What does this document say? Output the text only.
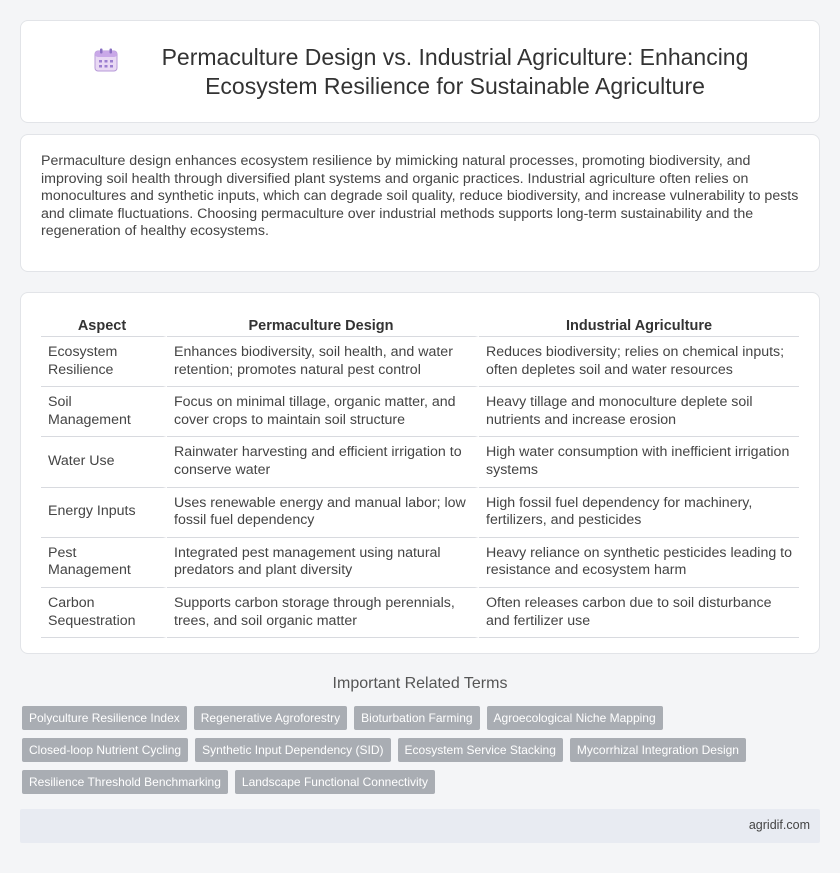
Permaculture Design vs. Industrial Agriculture: Enhancing
Ecosystem Resilience for Sustainable Agriculture

Permaculture design enhances ecosystem resilience by mimicking natural processes, promoting biodiversity, and improving soil health through diversified plant systems and organic practices. Industrial agriculture often relies on monocultures and synthetic inputs, which can degrade soil quality, reduce biodiversity, and increase vulnerability to pests and climate fluctuations. Choosing permaculture over industrial methods supports long-term sustainability and the regeneration of healthy ecosystems.

Aspect	Permaculture Design	Industrial Agriculture
Ecosystem Resilience	Enhances biodiversity, soil health, and water retention; promotes natural pest control	Reduces biodiversity; relies on chemical inputs; often depletes soil and water resources
Soil Management	Focus on minimal tillage, organic matter, and cover crops to maintain soil structure	Heavy tillage and monoculture deplete soil nutrients and increase erosion
Water Use	Rainwater harvesting and efficient irrigation to conserve water	High water consumption with inefficient irrigation systems
Energy Inputs	Uses renewable energy and manual labor; low fossil fuel dependency	High fossil fuel dependency for machinery, fertilizers, and pesticides
Pest Management	Integrated pest management using natural predators and plant diversity	Heavy reliance on synthetic pesticides leading to resistance and ecosystem harm
Carbon Sequestration	Supports carbon storage through perennials, trees, and soil organic matter	Often releases carbon due to soil disturbance and fertilizer use
Important Related Terms
Polyculture Resilience Index	Regenerative Agroforestry	Bioturbation Farming	Agroecological Niche Mapping
Closed-loop Nutrient Cycling	Synthetic Input Dependency (SID)	Ecosystem Service Stacking	Mycorrhizal Integration Design
Resilience Threshold Benchmarking	Landscape Functional Connectivity
agridif.com
